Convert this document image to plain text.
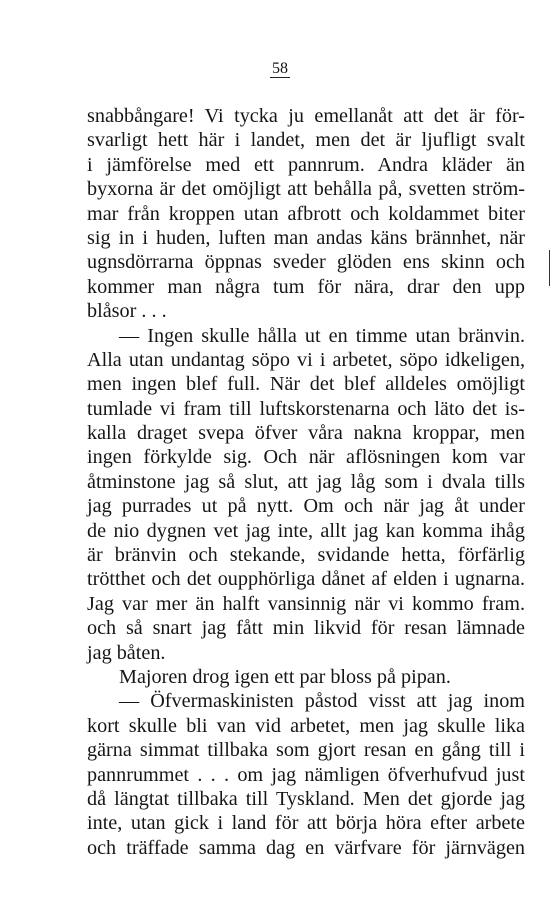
58
snabbångare! Vi tycka ju emellanåt att det är för-
svarligt hett här i landet, men det är ljufligt svalt
i jämförelse med ett pannrum. Andra kläder än
byxorna är det omöjligt att behålla på, svetten ström-
mar från kroppen utan afbrott och koldammet biter
sig in i huden, luften man andas käns brännhet, när
ugnsdörrarna öppnas sveder glöden ens skinn och
kommer man några tum för nära, drar den upp
blåsor . . .
— Ingen skulle hålla ut en timme utan bränvin.
Alla utan undantag söpo vi i arbetet, söpo idkeligen,
men ingen blef full. När det blef alldeles omöjligt
tumlade vi fram till luftskorstenarna och läto det is-
kalla draget svepa öfver våra nakna kroppar, men
ingen förkylde sig. Och när aflösningen kom var
åtminstone jag så slut, att jag låg som i dvala tills
jag purrades ut på nytt. Om och när jag åt under
de nio dygnen vet jag inte, allt jag kan komma ihåg
är bränvin och stekande, svidande hetta, förfärlig
trötthet och det oupphörliga dånet af elden i ugnarna.
Jag var mer än halft vansinnig när vi kommo fram.
och så snart jag fått min likvid för resan lämnade
jag båten.
Majoren drog igen ett par bloss på pipan.
— Öfvermaskinisten påstod visst att jag inom
kort skulle bli van vid arbetet, men jag skulle lika
gärna simmat tillbaka som gjort resan en gång till i
pannrummet . . . om jag nämligen öfverhufvud just
då längtat tillbaka till Tyskland. Men det gjorde jag
inte, utan gick i land för att börja höra efter arbete
och träffade samma dag en värfvare för järnvägen
